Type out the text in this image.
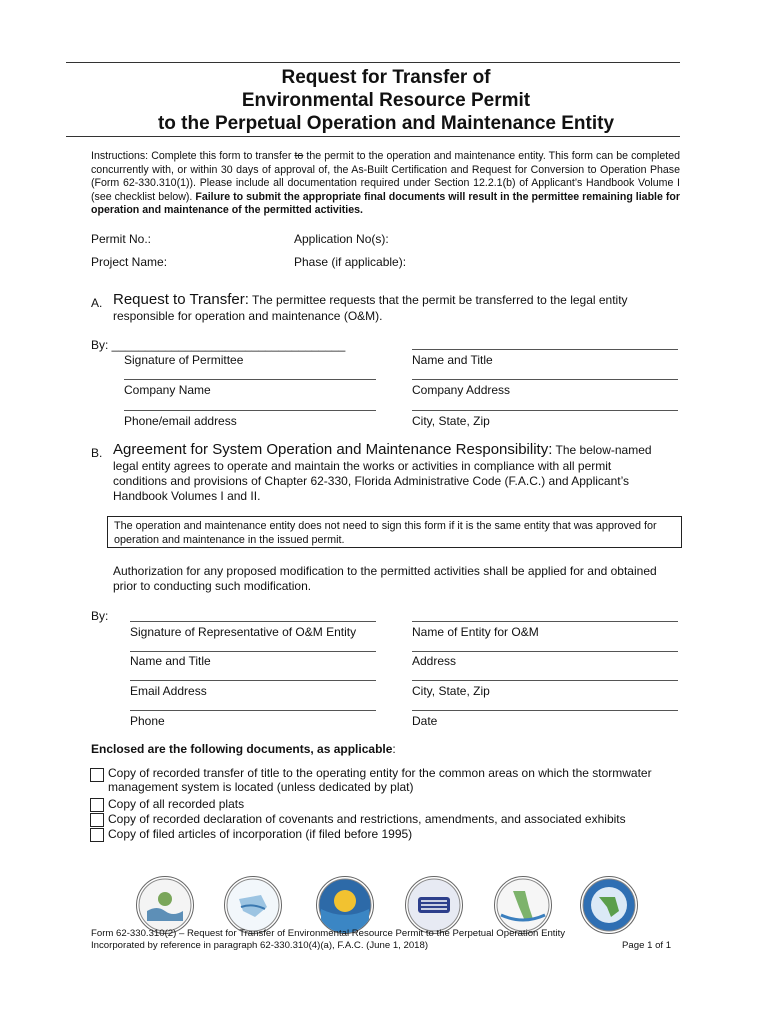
Request for Transfer of
Environmental Resource Permit
to the Perpetual Operation and Maintenance Entity
Instructions: Complete this form to transfer to the permit to the operation and maintenance entity. This form can be completed concurrently with, or within 30 days of approval of, the As-Built Certification and Request for Conversion to Operation Phase (Form 62-330.310(1)). Please include all documentation required under Section 12.2.1(b) of Applicant’s Handbook Volume I (see checklist below). Failure to submit the appropriate final documents will result in the permittee remaining liable for operation and maintenance of the permitted activities.
Permit No.:	Application No(s):
Project Name:	Phase (if applicable):
A. Request to Transfer: The permittee requests that the permit be transferred to the legal entity responsible for operation and maintenance (O&M).
By: ___________________________________
Signature of Permittee	Name and Title
Company Name	Company Address
Phone/email address	City, State, Zip
B. Agreement for System Operation and Maintenance Responsibility: The below-named
legal entity agrees to operate and maintain the works or activities in compliance with all permit conditions and provisions of Chapter 62-330, Florida Administrative Code (F.A.C.) and Applicant’s Handbook Volumes I and II.
The operation and maintenance entity does not need to sign this form if it is the same entity that was approved for operation and maintenance in the issued permit.
Authorization for any proposed modification to the permitted activities shall be applied for and obtained prior to conducting such modification.
By:
Signature of Representative of O&M Entity	Name of Entity for O&M
Name and Title	Address
Email Address	City, State, Zip
Phone	Date
Enclosed are the following documents, as applicable:
Copy of recorded transfer of title to the operating entity for the common areas on which the stormwater management system is located (unless dedicated by plat)
Copy of all recorded plats
Copy of recorded declaration of covenants and restrictions, amendments, and associated exhibits
Copy of filed articles of incorporation (if filed before 1995)
Form 62-330.310(2) – Request for Transfer of Environmental Resource Permit to the Perpetual Operation Entity
Incorporated by reference in paragraph 62-330.310(4)(a), F.A.C. (June 1, 2018)	Page 1 of 1
